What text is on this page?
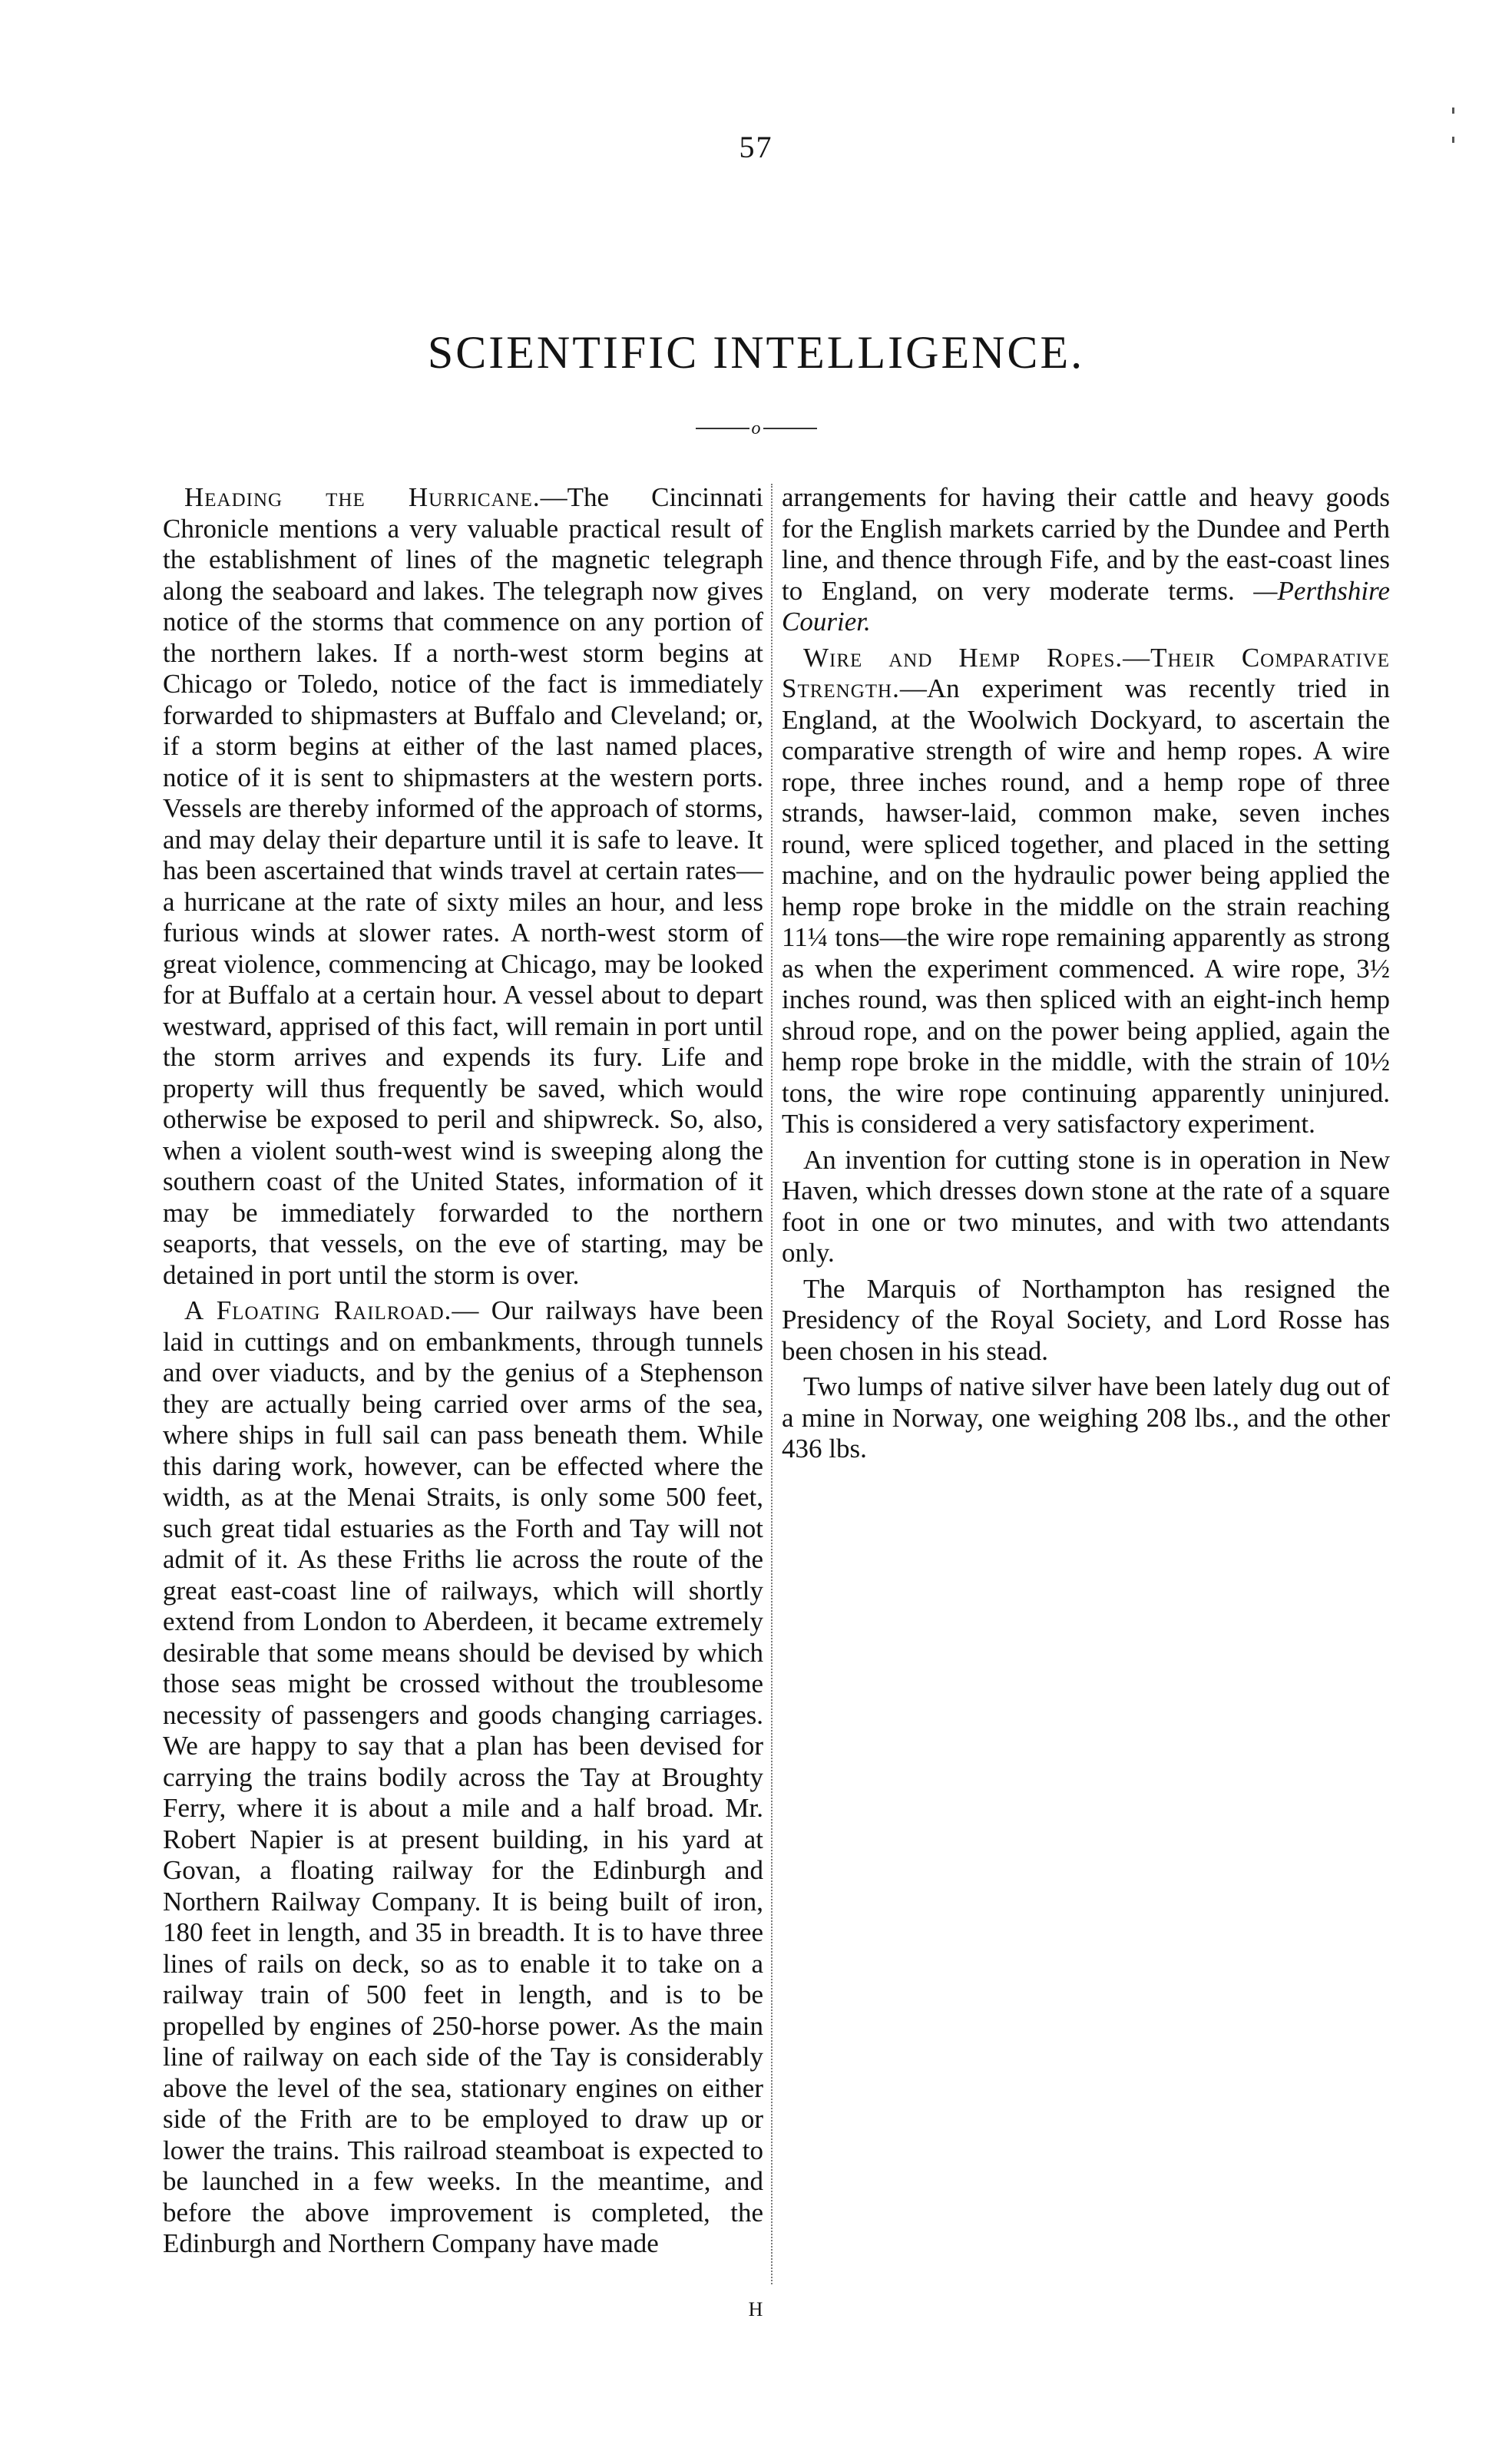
57
SCIENTIFIC INTELLIGENCE.
o

Heading the Hurricane.—The Cincinnati Chronicle mentions a very valuable practical result of the establishment of lines of the magnetic telegraph along the seaboard and lakes. The telegraph now gives notice of the storms that commence on any portion of the northern lakes. If a north-west storm begins at Chicago or Toledo, notice of the fact is immediately forwarded to shipmasters at Buffalo and Cleveland; or, if a storm begins at either of the last named places, notice of it is sent to shipmasters at the western ports. Vessels are thereby informed of the approach of storms, and may delay their departure until it is safe to leave. It has been ascertained that winds travel at certain rates—a hurricane at the rate of sixty miles an hour, and less furious winds at slower rates. A north-west storm of great violence, commencing at Chicago, may be looked for at Buffalo at a certain hour. A vessel about to depart westward, apprised of this fact, will remain in port until the storm arrives and expends its fury. Life and property will thus frequently be saved, which would otherwise be exposed to peril and shipwreck. So, also, when a violent south-west wind is sweeping along the southern coast of the United States, information of it may be immediately forwarded to the northern seaports, that vessels, on the eve of starting, may be detained in port until the storm is over.

A Floating Railroad.— Our railways have been laid in cuttings and on embankments, through tunnels and over viaducts, and by the genius of a Stephenson they are actually being carried over arms of the sea, where ships in full sail can pass beneath them. While this daring work, however, can be effected where the width, as at the Menai Straits, is only some 500 feet, such great tidal estuaries as the Forth and Tay will not admit of it. As these Friths lie across the route of the great east-coast line of railways, which will shortly extend from London to Aberdeen, it became extremely desirable that some means should be devised by which those seas might be crossed without the troublesome necessity of passengers and goods changing carriages. We are happy to say that a plan has been devised for carrying the trains bodily across the Tay at Broughty Ferry, where it is about a mile and a half broad. Mr. Robert Napier is at present building, in his yard at Govan, a floating railway for the Edinburgh and Northern Railway Company. It is being built of iron, 180 feet in length, and 35 in breadth. It is to have three lines of rails on deck, so as to enable it to take on a railway train of 500 feet in length, and is to be propelled by engines of 250-horse power. As the main line of railway on each side of the Tay is considerably above the level of the sea, stationary engines on either side of the Frith are to be employed to draw up or lower the trains. This railroad steamboat is expected to be launched in a few weeks. In the meantime, and before the above improvement is completed, the Edinburgh and Northern Company have made

arrangements for having their cattle and heavy goods for the English markets carried by the Dundee and Perth line, and thence through Fife, and by the east-coast lines to England, on very moderate terms. —Perthshire Courier.

Wire and Hemp Ropes.—Their Comparative Strength.—An experiment was recently tried in England, at the Woolwich Dockyard, to ascertain the comparative strength of wire and hemp ropes. A wire rope, three inches round, and a hemp rope of three strands, hawser-laid, common make, seven inches round, were spliced together, and placed in the setting machine, and on the hydraulic power being applied the hemp rope broke in the middle on the strain reaching 11¼ tons—the wire rope remaining apparently as strong as when the experiment commenced. A wire rope, 3½ inches round, was then spliced with an eight-inch hemp shroud rope, and on the power being applied, again the hemp rope broke in the middle, with the strain of 10½ tons, the wire rope continuing apparently uninjured. This is considered a very satisfactory experiment.

An invention for cutting stone is in operation in New Haven, which dresses down stone at the rate of a square foot in one or two minutes, and with two attendants only.

The Marquis of Northampton has resigned the Presidency of the Royal Society, and Lord Rosse has been chosen in his stead.

Two lumps of native silver have been lately dug out of a mine in Norway, one weighing 208 lbs., and the other 436 lbs.

H
